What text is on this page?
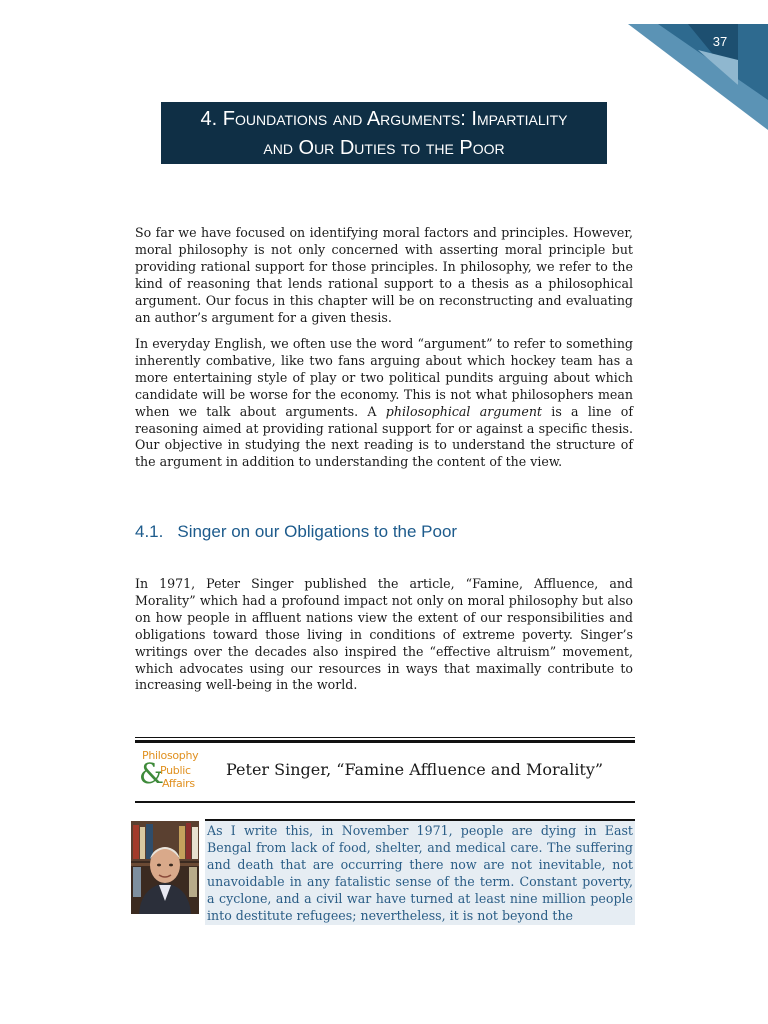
37
4. Foundations and Arguments: Impartiality
and Our Duties to the Poor

So far we have focused on identifying moral factors and principles. However, moral philosophy is not only concerned with asserting moral principle but providing rational support for those principles. In philosophy, we refer to the kind of reasoning that lends rational support to a thesis as a philosophical argument. Our focus in this chapter will be on reconstructing and evaluating an author’s argument for a given thesis.

In everyday English, we often use the word “argument” to refer to something inherently combative, like two fans arguing about which hockey team has a more entertaining style of play or two political pundits arguing about which candidate will be worse for the economy. This is not what philosophers mean when we talk about arguments. A philosophical argument is a line of reasoning aimed at providing rational support for or against a specific thesis. Our objective in studying the next reading is to understand the structure of the argument in addition to understanding the content of the view.

4.1. Singer on our Obligations to the Poor

In 1971, Peter Singer published the article, “Famine, Affluence, and Morality” which had a profound impact not only on moral philosophy but also on how people in affluent nations view the extent of our responsibilities and obligations toward those living in conditions of extreme poverty. Singer’s writings over the decades also inspired the “effective altruism” movement, which advocates using our resources in ways that maximally contribute to increasing well-being in the world.

Philosophy
&
Public
Affairs
Peter Singer, “Famine Affluence and Morality”

As I write this, in November 1971, people are dying in East Bengal from lack of food, shelter, and medical care. The suffering and death that are occurring there now are not inevitable, not unavoidable in any fatalistic sense of the term. Constant poverty, a cyclone, and a civil war have turned at least nine million people into destitute refugees; nevertheless, it is not beyond the
